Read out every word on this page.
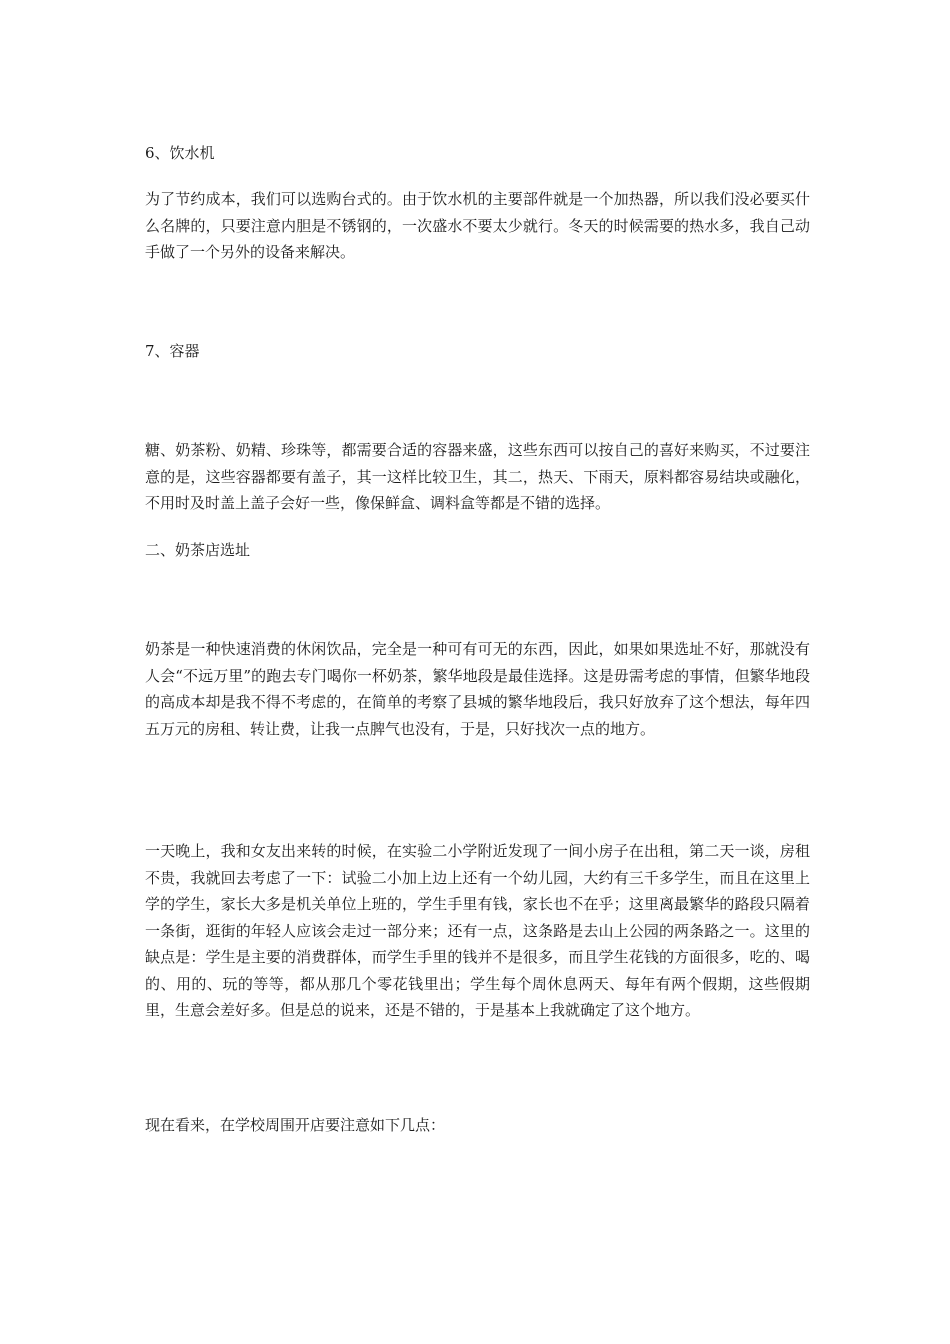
6、饮水机

为了节约成本，我们可以选购台式的。由于饮水机的主要部件就是一个加热器，所以我们没必要买什么名牌的，只要注意内胆是不锈钢的，一次盛水不要太少就行。冬天的时候需要的热水多，我自己动手做了一个另外的设备来解决。

7、容器

糖、奶茶粉、奶精、珍珠等，都需要合适的容器来盛，这些东西可以按自己的喜好来购买，不过要注意的是，这些容器都要有盖子，其一这样比较卫生，其二，热天、下雨天，原料都容易结块或融化，不用时及时盖上盖子会好一些，像保鲜盒、调料盒等都是不错的选择。

二、奶茶店选址

奶茶是一种快速消费的休闲饮品，完全是一种可有可无的东西，因此，如果如果选址不好，那就没有人会“不远万里”的跑去专门喝你一杯奶茶，繁华地段是最佳选择。这是毋需考虑的事情，但繁华地段的高成本却是我不得不考虑的，在简单的考察了县城的繁华地段后，我只好放弃了这个想法，每年四五万元的房租、转让费，让我一点脾气也没有，于是，只好找次一点的地方。

一天晚上，我和女友出来转的时候，在实验二小学附近发现了一间小房子在出租，第二天一谈，房租不贵，我就回去考虑了一下：试验二小加上边上还有一个幼儿园，大约有三千多学生，而且在这里上学的学生，家长大多是机关单位上班的，学生手里有钱，家长也不在乎；这里离最繁华的路段只隔着一条街，逛街的年轻人应该会走过一部分来；还有一点，这条路是去山上公园的两条路之一。这里的缺点是：学生是主要的消费群体，而学生手里的钱并不是很多，而且学生花钱的方面很多，吃的、喝的、用的、玩的等等，都从那几个零花钱里出；学生每个周休息两天、每年有两个假期，这些假期里，生意会差好多。但是总的说来，还是不错的，于是基本上我就确定了这个地方。

现在看来，在学校周围开店要注意如下几点：
